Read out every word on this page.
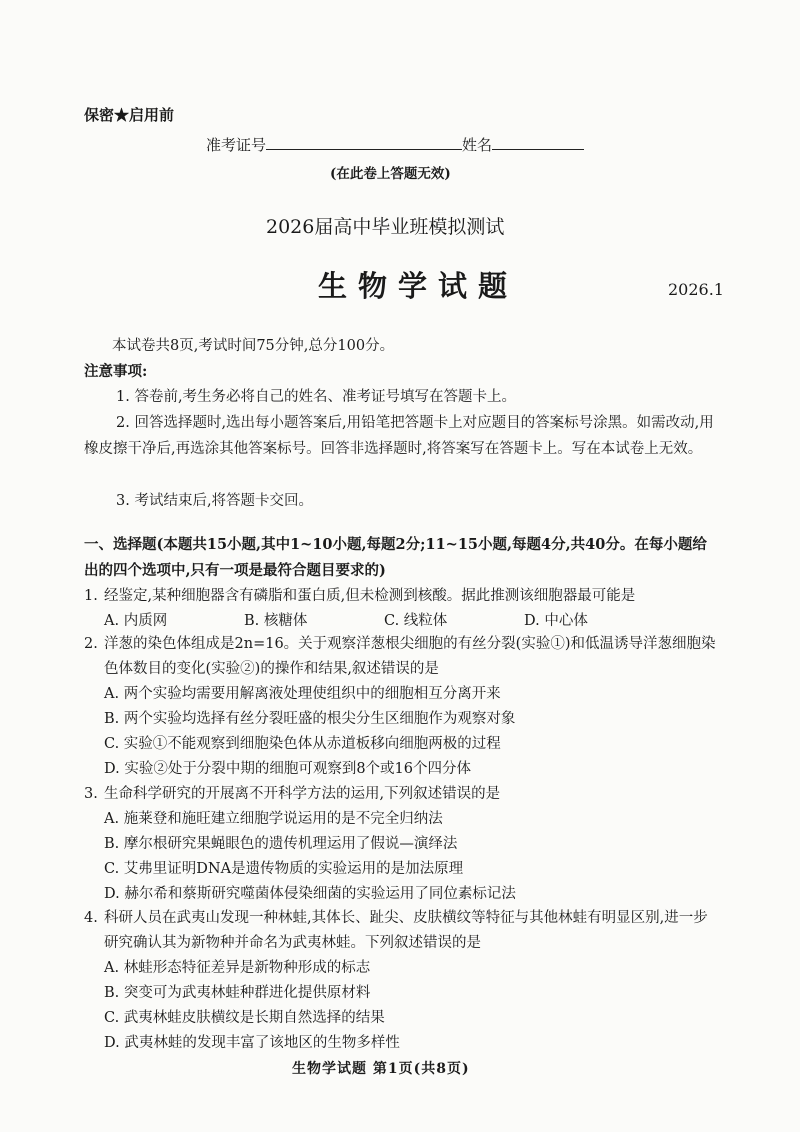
保密★启用前
准考证号	姓名
(在此卷上答题无效)
2026届高中毕业班模拟测试
生物学试题	2026.1
本试卷共8页,考试时间75分钟,总分100分。
注意事项:
1. 答卷前,考生务必将自己的姓名、准考证号填写在答题卡上。
2. 回答选择题时,选出每小题答案后,用铅笔把答题卡上对应题目的答案标号涂黑。如需改动,用橡皮擦干净后,再选涂其他答案标号。回答非选择题时,将答案写在答题卡上。写在本试卷上无效。
3. 考试结束后,将答题卡交回。
一、选择题(本题共15小题,其中1~10小题,每题2分;11~15小题,每题4分,共40分。在每小题给出的四个选项中,只有一项是最符合题目要求的)
1. 经鉴定,某种细胞器含有磷脂和蛋白质,但未检测到核酸。据此推测该细胞器最可能是
A. 内质网	B. 核糖体	C. 线粒体	D. 中心体
2. 洋葱的染色体组成是2n=16。关于观察洋葱根尖细胞的有丝分裂(实验①)和低温诱导洋葱细胞染色体数目的变化(实验②)的操作和结果,叙述错误的是
A. 两个实验均需要用解离液处理使组织中的细胞相互分离开来
B. 两个实验均选择有丝分裂旺盛的根尖分生区细胞作为观察对象
C. 实验①不能观察到细胞染色体从赤道板移向细胞两极的过程
D. 实验②处于分裂中期的细胞可观察到8个或16个四分体
3. 生命科学研究的开展离不开科学方法的运用,下列叙述错误的是
A. 施莱登和施旺建立细胞学说运用的是不完全归纳法
B. 摩尔根研究果蝇眼色的遗传机理运用了假说—演绎法
C. 艾弗里证明DNA是遗传物质的实验运用的是加法原理
D. 赫尔希和蔡斯研究噬菌体侵染细菌的实验运用了同位素标记法
4. 科研人员在武夷山发现一种林蛙,其体长、趾尖、皮肤横纹等特征与其他林蛙有明显区别,进一步研究确认其为新物种并命名为武夷林蛙。下列叙述错误的是
A. 林蛙形态特征差异是新物种形成的标志
B. 突变可为武夷林蛙种群进化提供原材料
C. 武夷林蛙皮肤横纹是长期自然选择的结果
D. 武夷林蛙的发现丰富了该地区的生物多样性
生物学试题 第1页(共8页)
